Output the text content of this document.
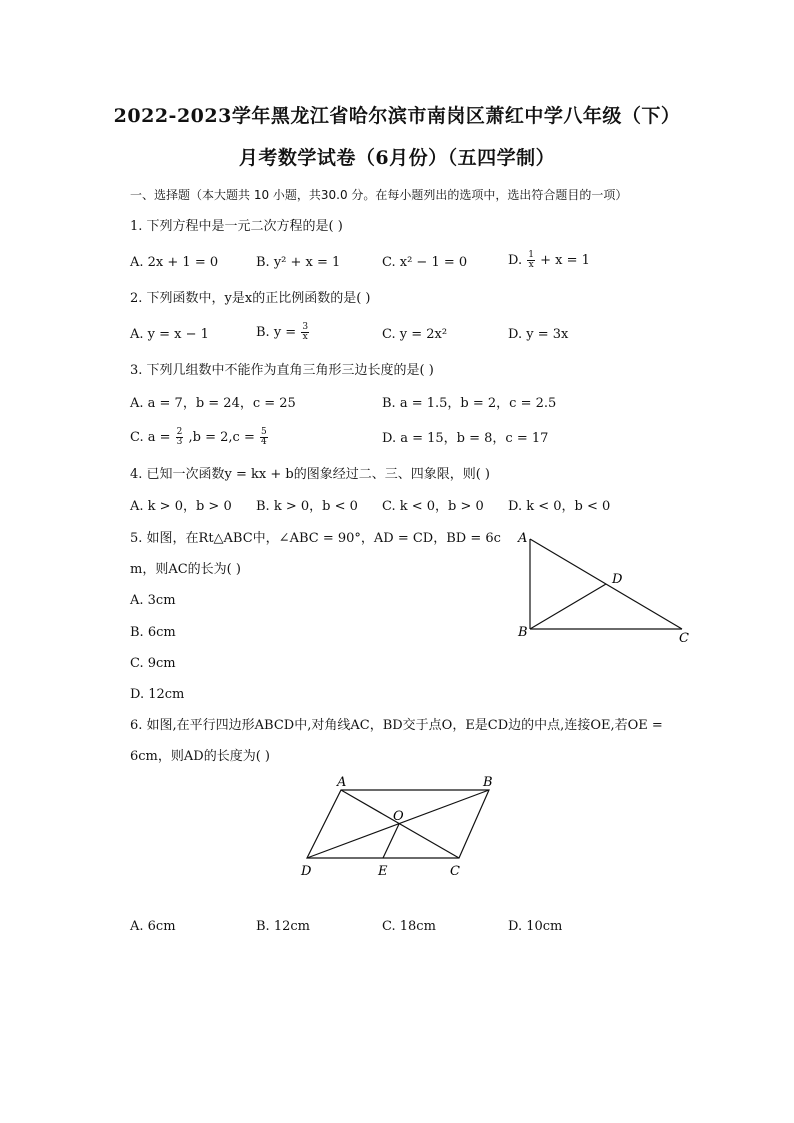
2022-2023学年黑龙江省哈尔滨市南岗区萧红中学八年级（下）
月考数学试卷（6月份）（五四学制）
一、选择题（本大题共 10 小题，共30.0 分。在每小题列出的选项中，选出符合题目的一项）
1. 下列方程中是一元二次方程的是( )
A. 2x + 1 = 0	B. y² + x = 1	C. x² − 1 = 0	D. $\frac{1}{x} + x = 1$
2. 下列函数中，y是x的正比例函数的是( )
A. y = x − 1	B. $y = \frac{3}{x}$	C. y = 2x²	D. y = 3x
3. 下列几组数中不能作为直角三角形三边长度的是( )
A. a = 7，b = 24，c = 25	B. a = 1.5，b = 2，c = 2.5
C. $a = \frac{2}{3} ,b = 2,c = \frac{5}{4}$	D. a = 15，b = 8，c = 17
4. 已知一次函数y = kx + b的图象经过二、三、四象限，则( )
A. k > 0，b > 0 B. k > 0，b < 0 C. k < 0，b > 0 D. k < 0，b < 0
5. 如图，在Rt△ABC中，∠ABC = 90°，AD = CD，BD = 6c
m，则AC的长为( )
A. 3cm
B. 6cm
C. 9cm
D. 12cm
A
B	C
D
6. 如图,在平行四边形ABCD中,对角线AC，BD交于点O，E是CD边的中点,连接OE,若OE =
6cm，则AD的长度为( )
A	B
C
D	E
O
A. 6cm	B. 12cm	C. 18cm	D. 10cm
